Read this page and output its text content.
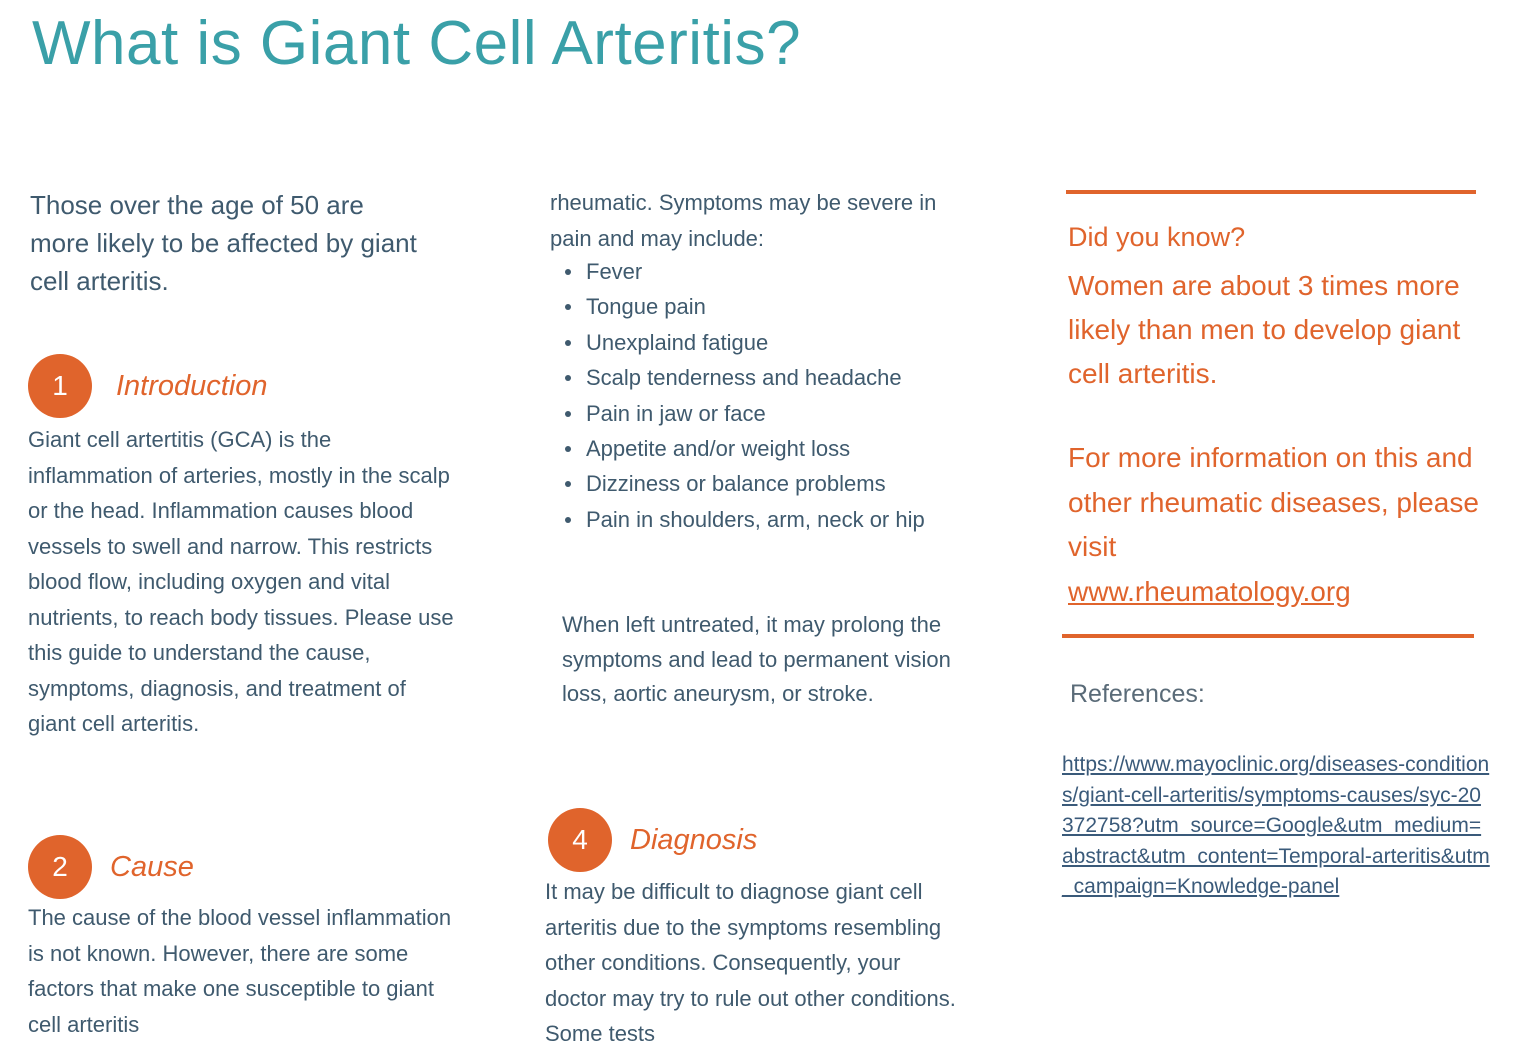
What is Giant Cell Arteritis?

Those over the age of 50 are more likely to be affected by giant cell arteritis.

1	Introduction

Giant cell artertitis (GCA) is the inflammation of arteries, mostly in the scalp or the head. Inflammation causes blood vessels to swell and narrow. This restricts blood flow, including oxygen and vital nutrients, to reach body tissues. Please use this guide to understand the cause, symptoms, diagnosis, and treatment of giant cell arteritis.

2	Cause

The cause of the blood vessel inflammation is not known. However, there are some factors that make one susceptible to giant cell arteritis

rheumatic. Symptoms may be severe in pain and may include:

Fever
Tongue pain
Unexplaind fatigue
Scalp tenderness and headache
Pain in jaw or face
Appetite and/or weight loss
Dizziness or balance problems
Pain in shoulders, arm, neck or hip

When left untreated, it may prolong the symptoms and lead to permanent vision loss, aortic aneurysm, or stroke.

4	Diagnosis

It may be difficult to diagnose giant cell arteritis due to the symptoms resembling other conditions. Consequently, your doctor may try to rule out other conditions. Some tests

Did you know?

Women are about 3 times more likely than men to develop giant cell arteritis.

For more information on this and other rheumatic diseases, please visit
www.rheumatology.org
References:
https://www.mayoclinic.org/diseases-conditions/giant-cell-arteritis/symptoms-causes/syc-20372758?utm_source=Google&utm_medium=abstract&utm_content=Temporal-arteritis&utm_campaign=Knowledge-panel
